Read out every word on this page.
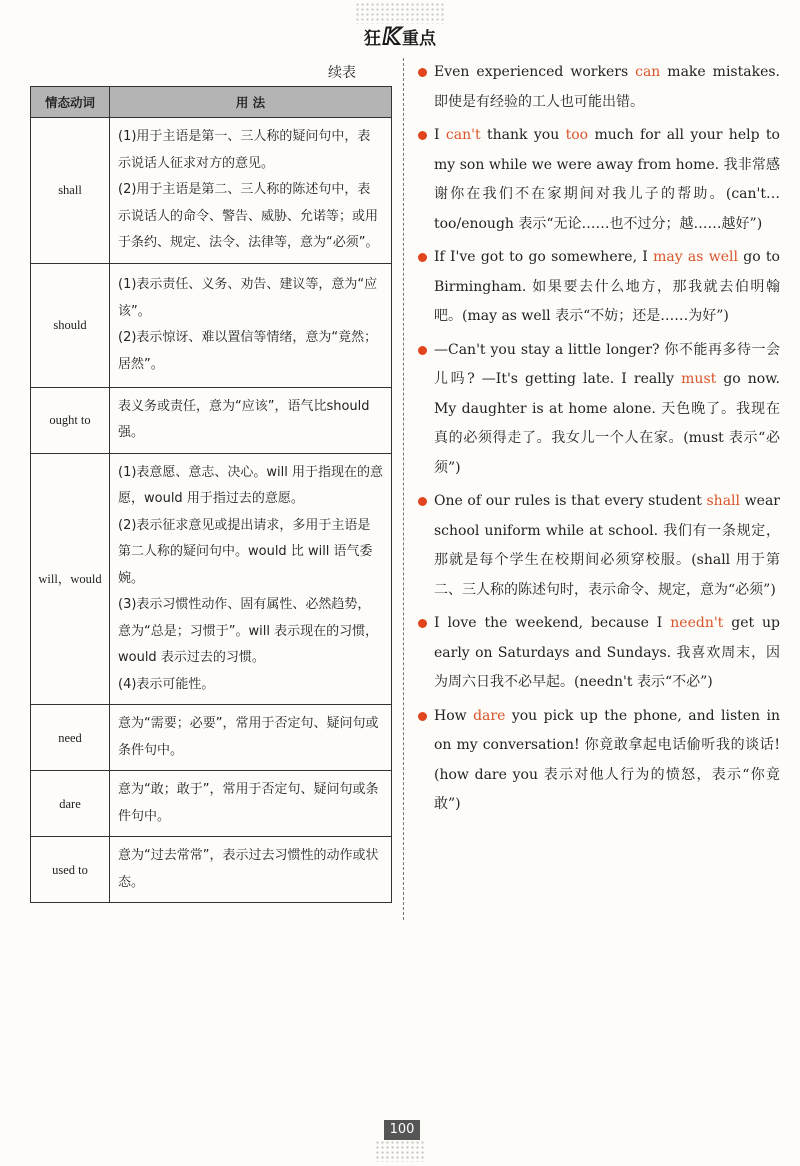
狂K 重点
续表
情态动词	用 法
shall	(1)用于主语是第一、三人称的疑问句中，表示说话人征求对方的意见。

(2)用于主语是第二、三人称的陈述句中，表示说话人的命令、警告、威胁、允诺等；或用于条约、规定、法令、法律等，意为“必须”。

should	(1)表示责任、义务、劝告、建议等，意为“应该”。

(2)表示惊讶、难以置信等情绪，意为“竟然；居然”。

ought to	表义务或责任，意为“应该”，语气比should强。

will，would	(1)表意愿、意志、决心。will 用于指现在的意愿，would 用于指过去的意愿。

(2)表示征求意见或提出请求，多用于主语是第二人称的疑问句中。would 比 will 语气委婉。

(3)表示习惯性动作、固有属性、必然趋势，意为“总是；习惯于”。will 表示现在的习惯，would 表示过去的习惯。

(4)表示可能性。

need	意为“需要；必要”，常用于否定句、疑问句或条件句中。

dare	意为“敢；敢于”，常用于否定句、疑问句或条件句中。

used to	意为“过去常常”，表示过去习惯性的动作或状态。

Even experienced workers can make mistakes. 即使是有经验的工人也可能出错。

I can't thank you too much for all your help to my son while we were away from home. 我非常感谢你在我们不在家期间对我儿子的帮助。(can't…too/enough 表示“无论……也不过分；越……越好”)

If I've got to go somewhere, I may as well go to Birmingham. 如果要去什么地方，那我就去伯明翰吧。(may as well 表示“不妨；还是……为好”)

—Can't you stay a little longer? 你不能再多待一会儿吗? —It's getting late. I really must go now. My daughter is at home alone. 天色晚了。我现在真的必须得走了。我女儿一个人在家。(must 表示“必须”)

One of our rules is that every student shall wear school uniform while at school. 我们有一条规定，那就是每个学生在校期间必须穿校服。(shall 用于第二、三人称的陈述句时，表示命令、规定，意为“必须”)

I love the weekend, because I needn't get up early on Saturdays and Sundays. 我喜欢周末，因为周六日我不必早起。(needn't 表示“不必”)

How dare you pick up the phone, and listen in on my conversation! 你竟敢拿起电话偷听我的谈话! (how dare you 表示对他人行为的愤怒，表示“你竟敢”)

100
